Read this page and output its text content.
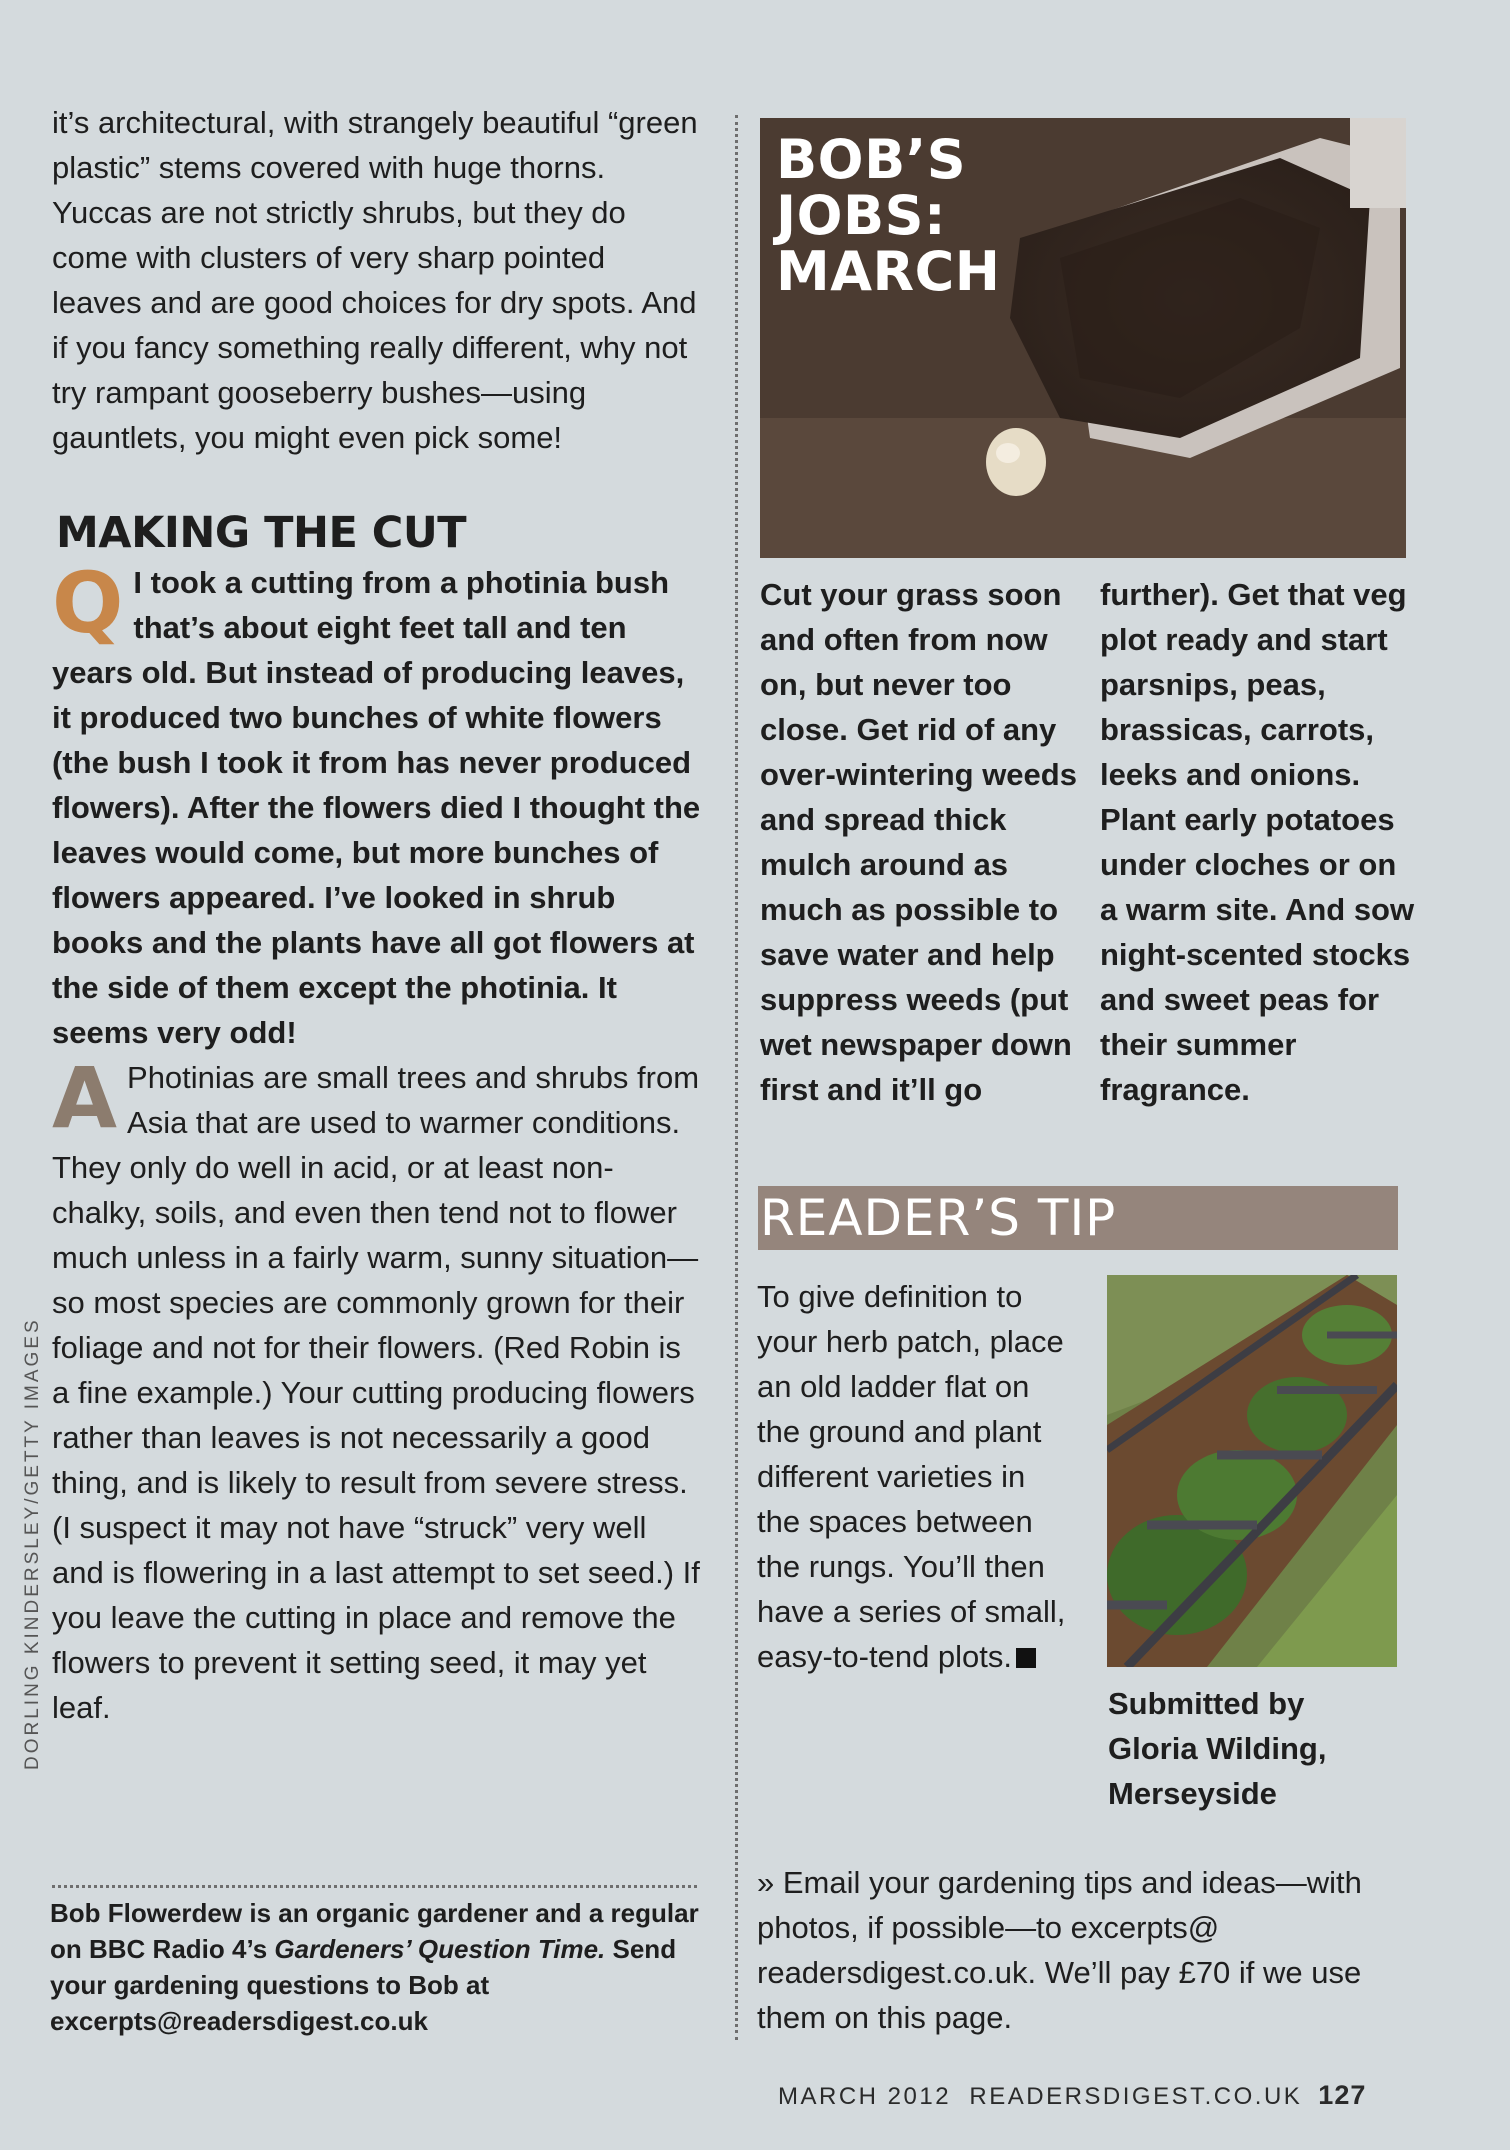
it’s architectural, with strangely beautiful “green plastic” stems covered with huge thorns. Yuccas are not strictly shrubs, but they do come with clusters of very sharp pointed leaves and are good choices for dry spots. And if you fancy something really different, why not try rampant gooseberry bushes—using gauntlets, you might even pick some!

MAKING THE CUT

Q I took a cutting from a photinia bush that’s about eight feet tall and ten years old. But instead of producing leaves, it produced two bunches of white flowers (the bush I took it from has never produced flowers). After the flowers died I thought the leaves would come, but more bunches of flowers appeared. I’ve looked in shrub books and the plants have all got flowers at the side of them except the photinia. It seems very odd!

A Photinias are small trees and shrubs from Asia that are used to warmer conditions. They only do well in acid, or at least non-chalky, soils, and even then tend not to flower much unless in a fairly warm, sunny situation—so most species are commonly grown for their foliage and not for their flowers. (Red Robin is a fine example.) Your cutting producing flowers rather than leaves is not necessarily a good thing, and is likely to result from severe stress. (I suspect it may not have “struck” very well and is flowering in a last attempt to set seed.) If you leave the cutting in place and remove the flowers to prevent it setting seed, it may yet leaf.

Bob Flowerdew is an organic gardener and a regular on BBC Radio 4’s Gardeners’ Question Time. Send your gardening questions to Bob at excerpts@readersdigest.co.uk

DORLING KINDERSLEY/GETTY IMAGES
BOB’S
JOBS:
MARCH

Cut your grass soon and often from now on, but never too close. Get rid of any over-wintering weeds and spread thick mulch around as much as possible to save water and help suppress weeds (put wet newspaper down first and it’ll go

further). Get that veg plot ready and start parsnips, peas, brassicas, carrots, leeks and onions. Plant early potatoes under cloches or on a warm site. And sow night-scented stocks and sweet peas for their summer fragrance.

READER’S TIP

To give definition to your herb patch, place an old ladder flat on the ground and plant different varieties in the spaces between the rungs. You’ll then have a series of small, easy-to-tend plots.

Submitted by
Gloria Wilding,
Merseyside

» Email your gardening tips and ideas—with photos, if possible—to excerpts@ readersdigest.co.uk. We’ll pay £70 if we use them on this page.

MARCH 2012 READERSDIGEST.CO.UK 127
